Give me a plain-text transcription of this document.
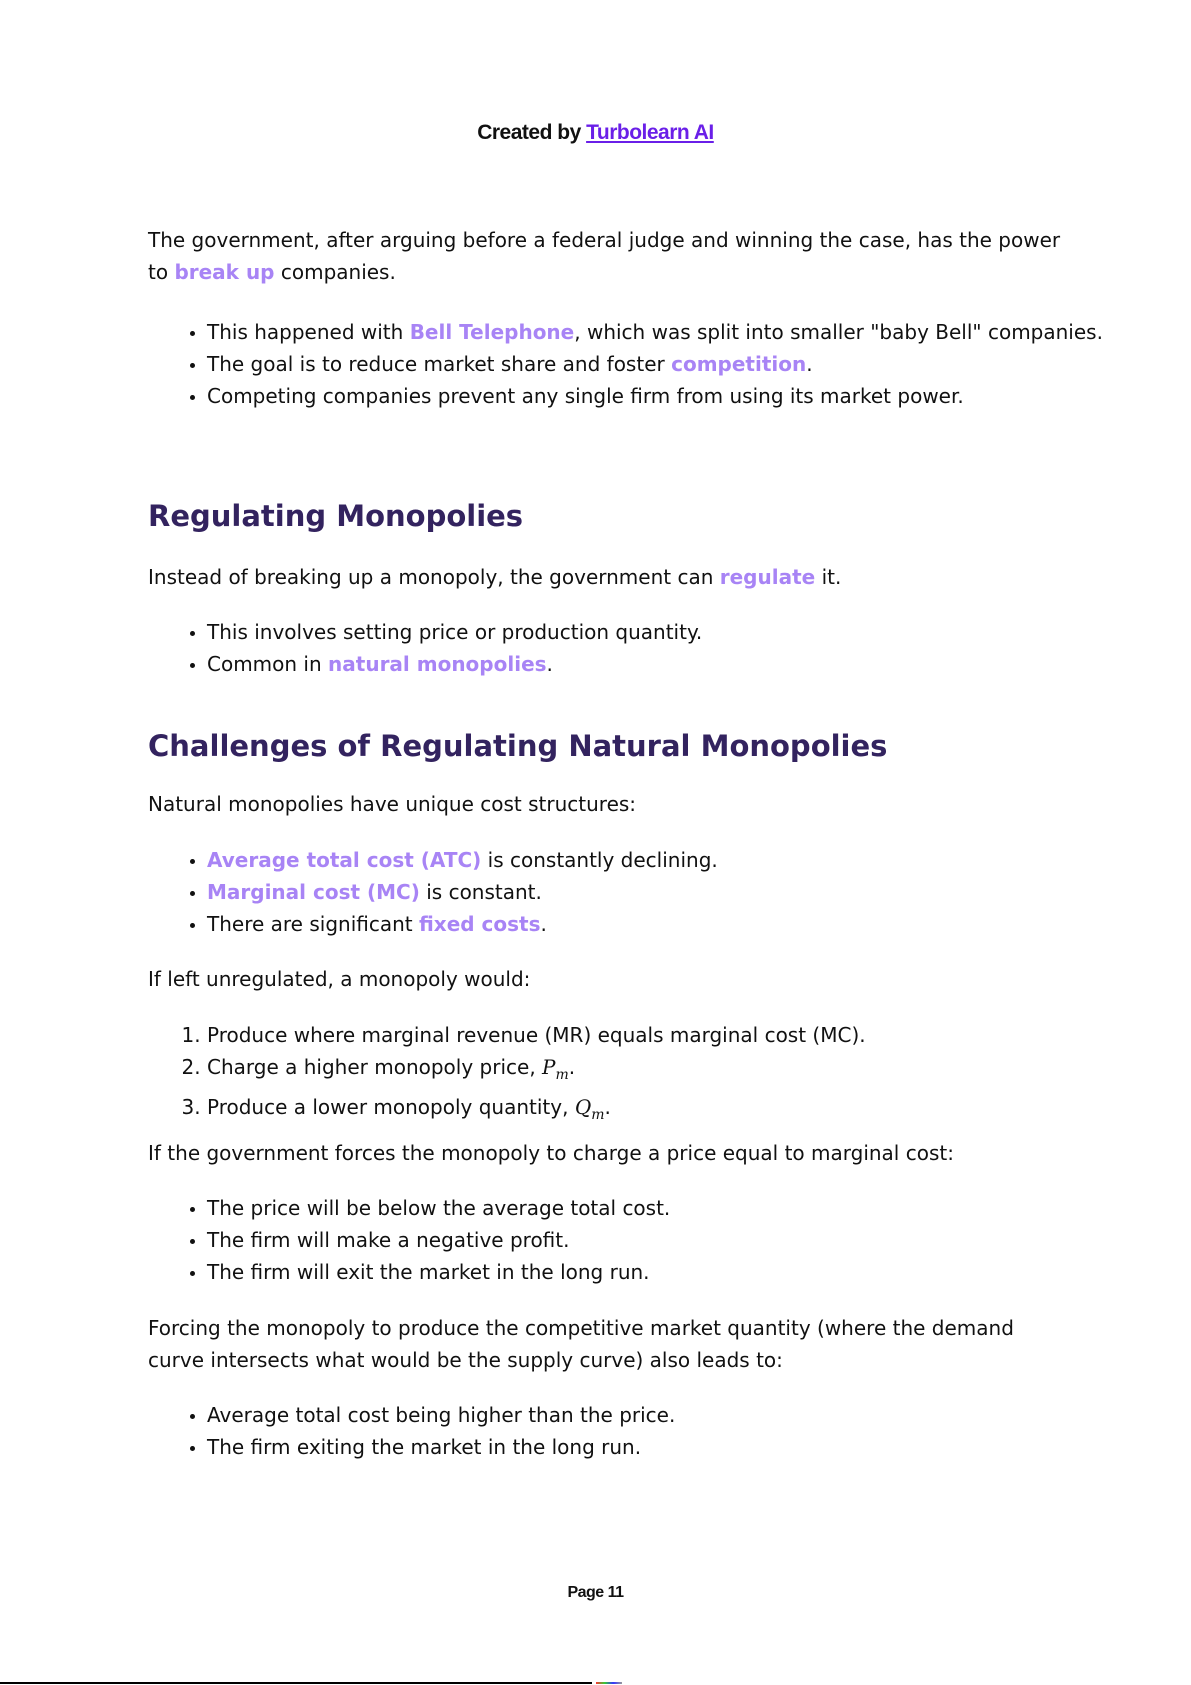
Created by Turbolearn AI

The government, after arguing before a federal judge and winning the case, has the power to break up companies.

• This happened with Bell Telephone, which was split into smaller "baby Bell" companies.
• The goal is to reduce market share and foster competition.
• Competing companies prevent any single firm from using its market power.
Regulating Monopolies

Instead of breaking up a monopoly, the government can regulate it.

• This involves setting price or production quantity.
• Common in natural monopolies.
Challenges of Regulating Natural Monopolies

Natural monopolies have unique cost structures:

• Average total cost (ATC) is constantly declining.
• Marginal cost (MC) is constant.
• There are significant fixed costs.

If left unregulated, a monopoly would:

1. Produce where marginal revenue (MR) equals marginal cost (MC).
2. Charge a higher monopoly price, $P_m$.
3. Produce a lower monopoly quantity, $Q_m$.

If the government forces the monopoly to charge a price equal to marginal cost:

• The price will be below the average total cost.
• The firm will make a negative profit.
• The firm will exit the market in the long run.

Forcing the monopoly to produce the competitive market quantity (where the demand curve intersects what would be the supply curve) also leads to:

• Average total cost being higher than the price.
• The firm exiting the market in the long run.
Page 11
